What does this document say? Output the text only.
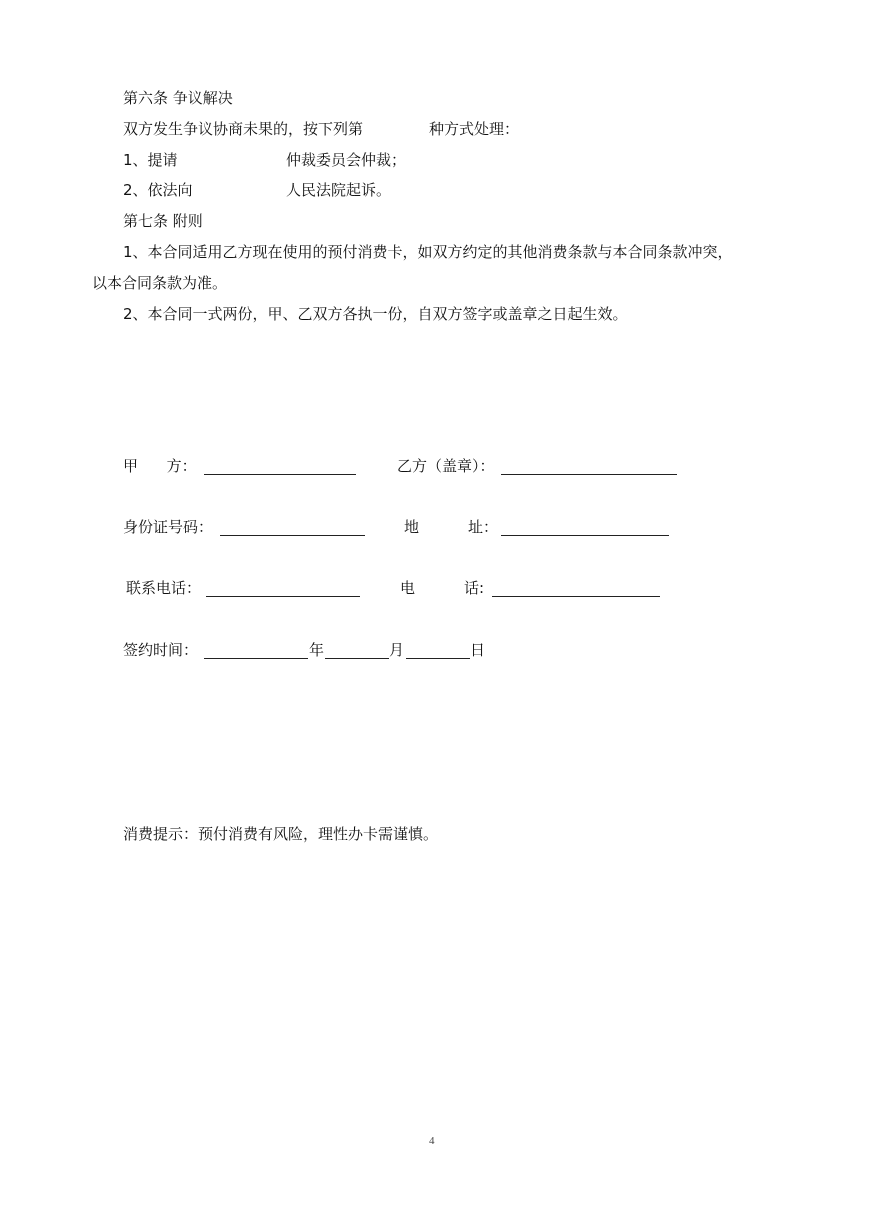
第六条 争议解决
双方发生争议协商未果的，按下列第	种方式处理：
1、提请	仲裁委员会仲裁；
2、依法向	人民法院起诉。
第七条 附则
1、本合同适用乙方现在使用的预付消费卡，如双方约定的其他消费条款与本合同条款冲突，
以本合同条款为准。
2、本合同一式两份，甲、乙双方各执一份，自双方签字或盖章之日起生效。
甲      方：	乙方（盖章）：
身份证号码：	地	址：
联系电话：	电	话:
签约时间：	年	月	日
消费提示：预付消费有风险，理性办卡需谨慎。
4
